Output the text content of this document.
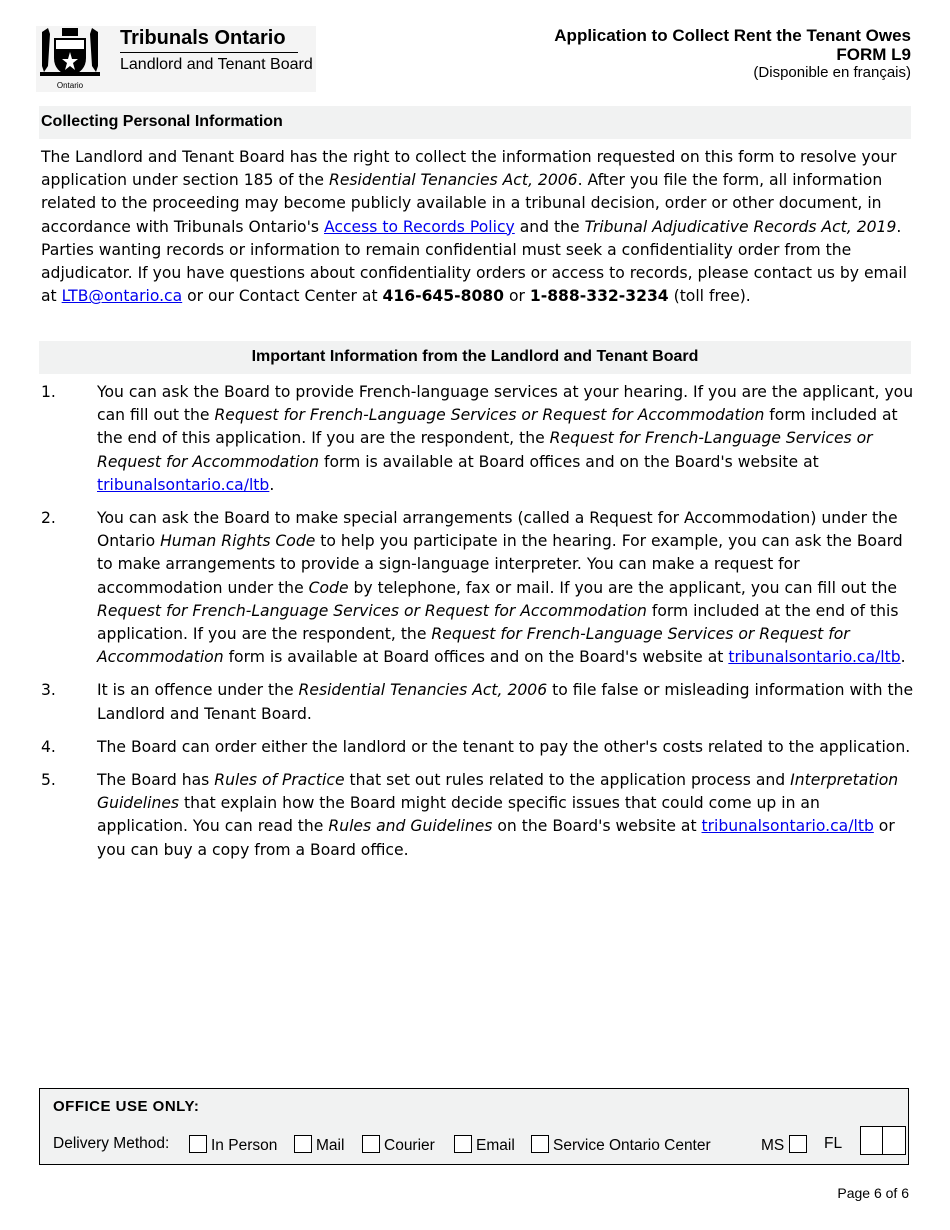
Ontario
Tribunals Ontario
Landlord and Tenant Board
Application to Collect Rent the Tenant Owes
FORM L9
(Disponible en français)
Collecting Personal Information
The Landlord and Tenant Board has the right to collect the information requested on this form to resolve your application under section 185 of the Residential Tenancies Act, 2006. After you file the form, all information related to the proceeding may become publicly available in a tribunal decision, order or other document, in accordance with Tribunals Ontario's Access to Records Policy and the Tribunal Adjudicative Records Act, 2019. Parties wanting records or information to remain confidential must seek a confidentiality order from the adjudicator. If you have questions about confidentiality orders or access to records, please contact us by email at LTB@ontario.ca or our Contact Center at 416-645-8080 or 1-888-332-3234 (toll free).
Important Information from the Landlord and Tenant Board
1.	You can ask the Board to provide French-language services at your hearing. If you are the applicant, you can fill out the Request for French-Language Services or Request for Accommodation form included at the end of this application. If you are the respondent, the Request for French-Language Services or Request for Accommodation form is available at Board offices and on the Board's website at tribunalsontario.ca/ltb.
2.	You can ask the Board to make special arrangements (called a Request for Accommodation) under the Ontario Human Rights Code to help you participate in the hearing. For example, you can ask the Board to make arrangements to provide a sign-language interpreter. You can make a request for accommodation under the Code by telephone, fax or mail. If you are the applicant, you can fill out the Request for French-Language Services or Request for Accommodation form included at the end of this application. If you are the respondent, the Request for French-Language Services or Request for Accommodation form is available at Board offices and on the Board's website at tribunalsontario.ca/ltb.
3.	It is an offence under the Residential Tenancies Act, 2006 to file false or misleading information with the Landlord and Tenant Board.
4.	The Board can order either the landlord or the tenant to pay the other's costs related to the application.
5.	The Board has Rules of Practice that set out rules related to the application process and Interpretation Guidelines that explain how the Board might decide specific issues that could come up in an application. You can read the Rules and Guidelines on the Board's website at tribunalsontario.ca/ltb or you can buy a copy from a Board office.
OFFICE USE ONLY:
Delivery Method:	In Person	Mail	Courier	Email	Service Ontario Center	MS	FL
Page 6 of 6
